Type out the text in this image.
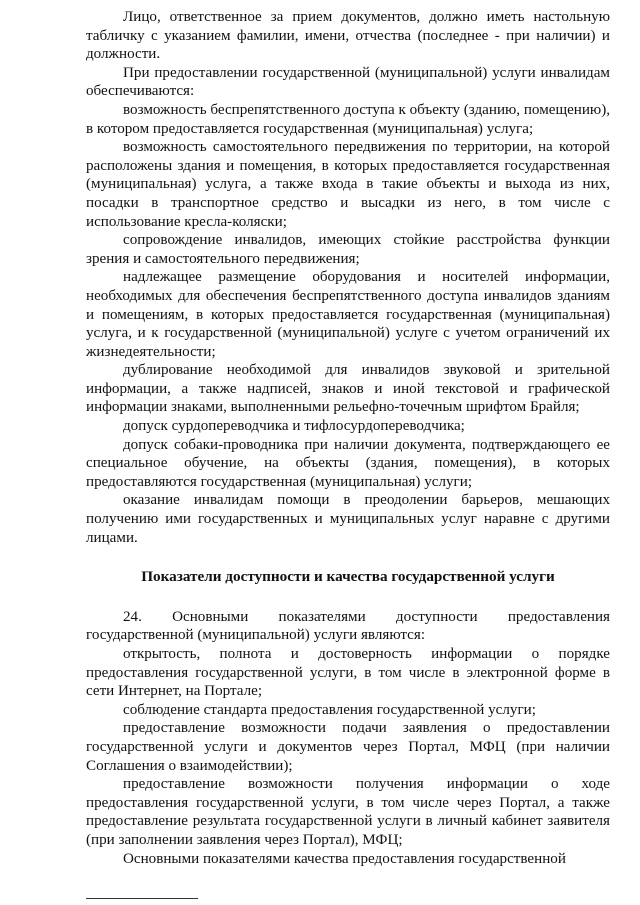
Лицо, ответственное за прием документов, должно иметь настольную табличку с указанием фамилии, имени, отчества (последнее - при наличии) и должности.

При предоставлении государственной (муниципальной) услуги инвалидам обеспечиваются:

возможность беспрепятственного доступа к объекту (зданию, помещению), в котором предоставляется государственная (муниципальная) услуга;

возможность самостоятельного передвижения по территории, на которой расположены здания и помещения, в которых предоставляется государственная (муниципальная) услуга, а также входа в такие объекты и выхода из них, посадки в транспортное средство и высадки из него, в том числе с использование кресла-коляски;

сопровождение инвалидов, имеющих стойкие расстройства функции зрения и самостоятельного передвижения;

надлежащее размещение оборудования и носителей информации, необходимых для обеспечения беспрепятственного доступа инвалидов зданиям и помещениям, в которых предоставляется государственная (муниципальная) услуга, и к государственной (муниципальной) услуге с учетом ограничений их жизнедеятельности;

дублирование необходимой для инвалидов звуковой и зрительной информации, а также надписей, знаков и иной текстовой и графической информации знаками, выполненными рельефно-точечным шрифтом Брайля;

допуск сурдопереводчика и тифлосурдопереводчика;

допуск собаки-проводника при наличии документа, подтверждающего ее специальное обучение, на объекты (здания, помещения), в которых предоставляются государственная (муниципальная) услуги;

оказание инвалидам помощи в преодолении барьеров, мешающих получению ими государственных и муниципальных услуг наравне с другими лицами.

Показатели доступности и качества государственной услуги

24. Основными показателями доступности предоставления государственной (муниципальной) услуги являются:

открытость, полнота и достоверность информации о порядке предоставления государственной услуги, в том числе в электронной форме в сети Интернет, на Портале;

соблюдение стандарта предоставления государственной услуги;

предоставление возможности подачи заявления о предоставлении государственной услуги и документов через Портал, МФЦ (при наличии Соглашения о взаимодействии);

предоставление возможности получения информации о ходе предоставления государственной услуги, в том числе через Портал, а также предоставление результата государственной услуги в личный кабинет заявителя (при заполнении заявления через Портал), МФЦ;

Основными показателями качества предоставления государственной
